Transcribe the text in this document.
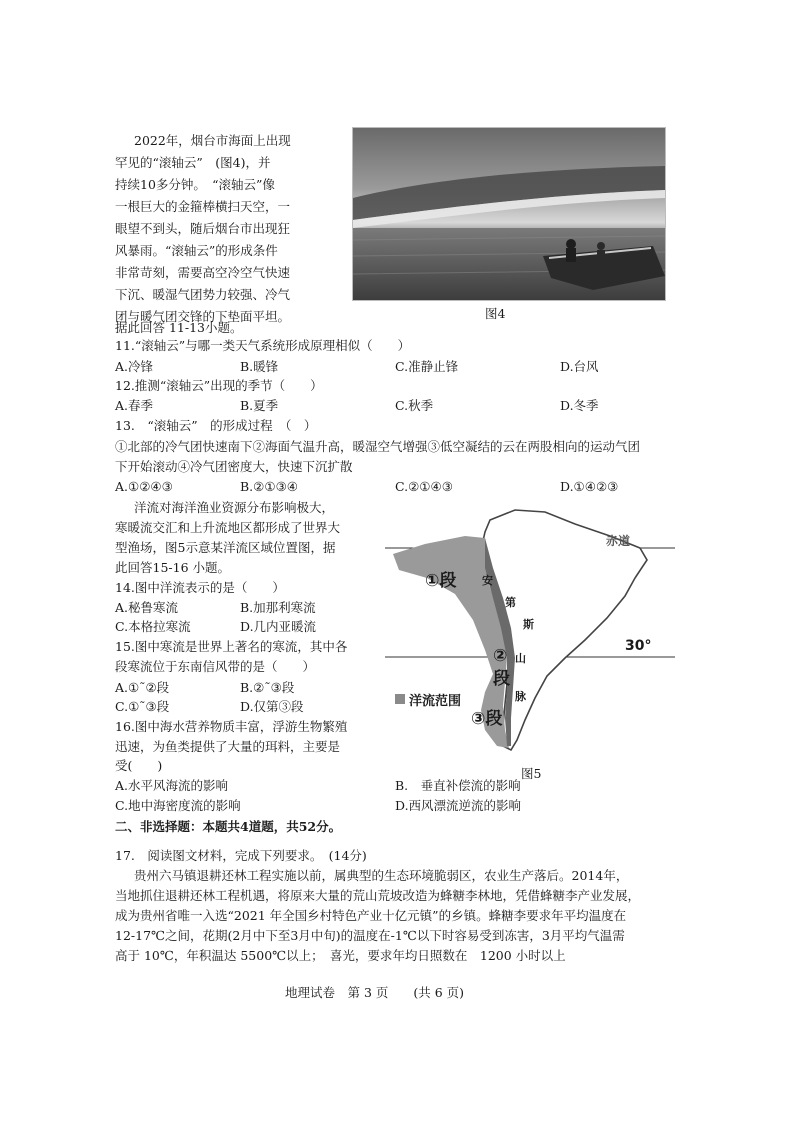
2022年，烟台市海面上出现
罕见的“滚轴云”　(图4)，并
持续10多分钟。　“滚轴云”像
一根巨大的金箍棒横扫天空，一
眼望不到头，随后烟台市出现狂
风暴雨。“滚轴云”的形成条件
非常苛刻，需要高空冷空气快速
下沉、暖湿气团势力较强、冷气
团与暖气团交锋的下垫面平坦。
据此回答 11-13小题。
图4
11.“滚轴云”与哪一类天气系统形成原理相似（　　）
A.冷锋	B.暖锋	C.准静止锋	D.台风
12.推测“滚轴云”出现的季节（　　）
A.春季	B.夏季	C.秋季	D.冬季
13.　“滚轴云”　的形成过程　（　）
①北部的冷气团快速南下②海面气温升高，暖湿空气增强③低空凝结的云在两股相向的运动气团
下开始滚动④冷气团密度大，快速下沉扩散
A.①②④③	B.②①③④	C.②①④③	D.①④②③
洋流对海洋渔业资源分布影响极大，
寒暖流交汇和上升流地区都形成了世界大
型渔场，图5示意某洋流区域位置图，据
此回答15-16 小题。
14.图中洋流表示的是（　　）
A.秘鲁寒流	B.加那利寒流
C.本格拉寒流	D.几内亚暖流
15.图中寒流是世界上著名的寒流，其中各
段寒流位于东南信风带的是（　　）
A.①˜②段	B.②˜③段
C.①˜③段	D.仅第③段
16.图中海水营养物质丰富，浮游生物繁殖
迅速，为鱼类提供了大量的珥料，主要是
受(　　)
A.水平风海流的影响	B.　垂直补偿流的影响
C.地中海密度流的影响	D.西风漂流逆流的影响
赤道
30°
①段
②
段
③段
安
第
斯
山
脉
洋流范围
图5
二、非选择题：本题共4道题，共52分。
17.　阅读图文材料，完成下列要求。　(14分)
贵州六马镇退耕还林工程实施以前，属典型的生态环境脆弱区，农业生产落后。2014年，
当地抓住退耕还林工程机遇，将原来大量的荒山荒坡改造为蜂糖李林地，凭借蜂糖李产业发展，
成为贵州省唯一入选“2021 年全国乡村特色产业十亿元镇”的乡镇。蜂糖李要求年平均温度在
12-17℃之间，花期(2月中下至3月中旬)的温度在-1℃以下时容易受到冻害，3月平均气温需
高于 10℃，年积温达 5500℃以上；　喜光，要求年均日照数在　1200 小时以上
地理试卷　第 3 页　　(共 6 页)
